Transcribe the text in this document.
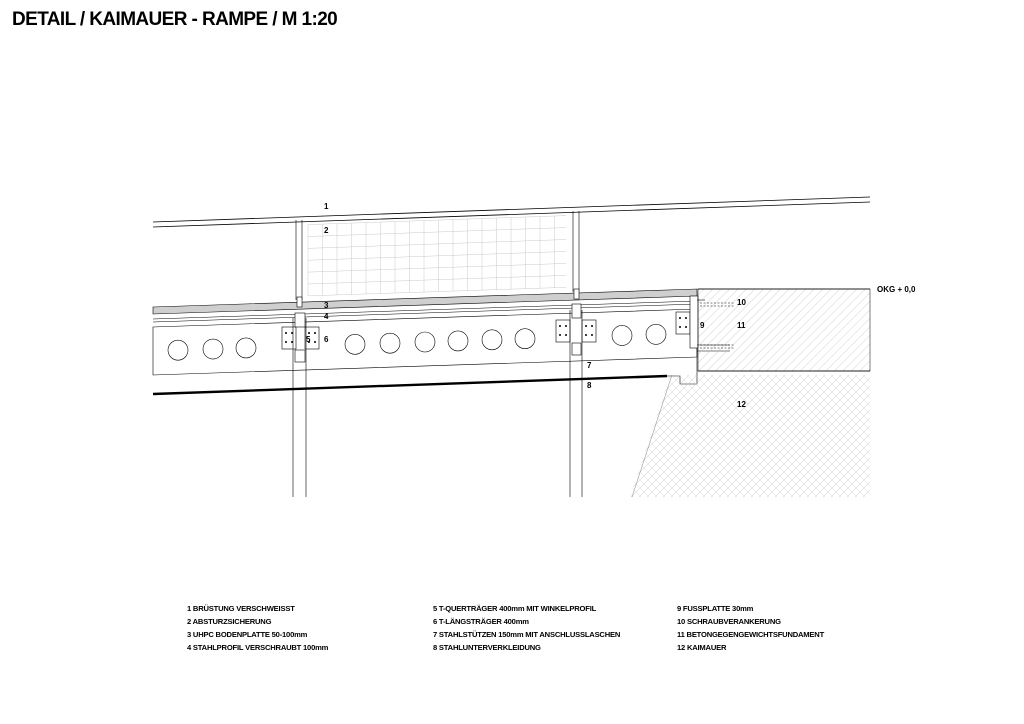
DETAIL / KAIMAUER - RAMPE / M 1:20
1
2
3
4
5 6
7
8
9
10
11
12
OKG + 0,0
1 BRÜSTUNG VERSCHWEISST
2 ABSTURZSICHERUNG
3 UHPC BODENPLATTE 50-100mm
4 STAHLPROFIL VERSCHRAUBT 100mm
5 T-QUERTRÄGER 400mm MIT WINKELPROFIL
6 T-LÄNGSTRÄGER 400mm
7 STAHLSTÜTZEN 150mm MIT ANSCHLUSSLASCHEN
8 STAHLUNTERVERKLEIDUNG
9 FUSSPLATTE 30mm
10 SCHRAUBVERANKERUNG
11 BETONGEGENGEWICHTSFUNDAMENT
12 KAIMAUER
